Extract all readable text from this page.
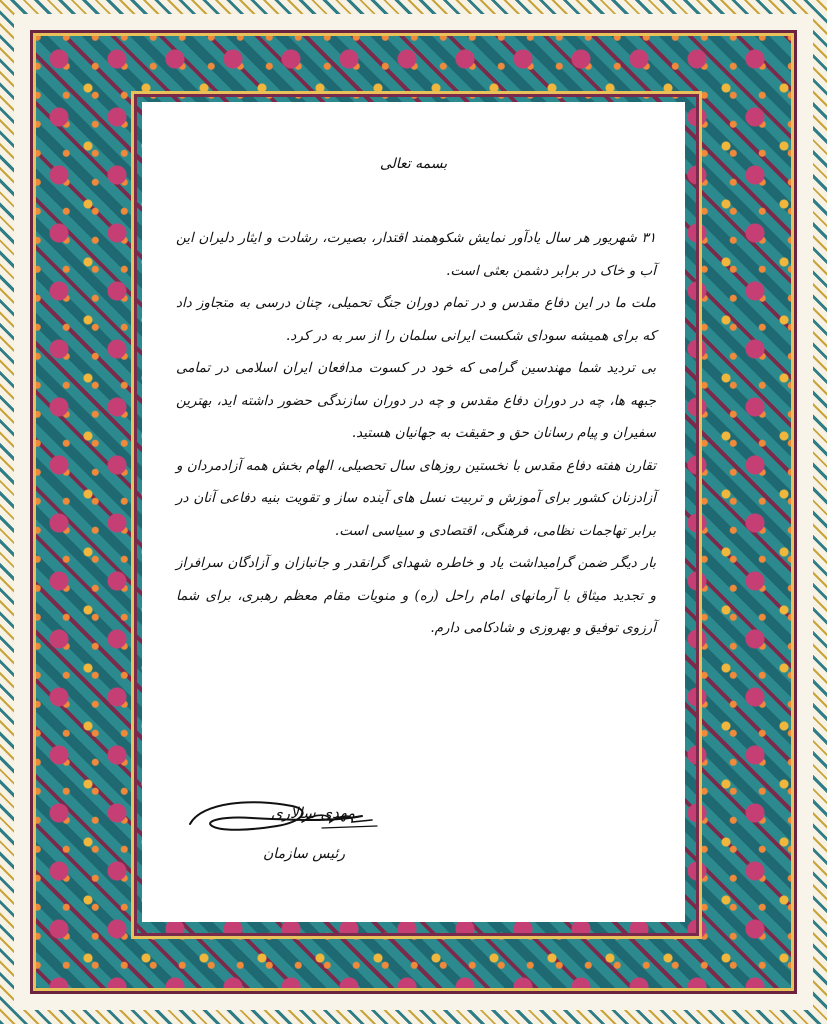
بسمه تعالی

۳۱ شهریور هر سال یادآور نمایش شکوهمند اقتدار، بصیرت، رشادت و ایثار دلیران این آب و خاک در برابر دشمن بعثی است.

ملت ما در این دفاع مقدس و در تمام دوران جنگ تحمیلی، چنان درسی به متجاوز داد که برای همیشه سودای شکست ایرانی سلمان را از سر به در کرد.

بی تردید شما مهندسین گرامی که خود در کسوت مدافعان ایران اسلامی در تمامی جبهه ها، چه در دوران دفاع مقدس و چه در دوران سازندگی حضور داشته اید، بهترین سفیران و پیام رسانان حق و حقیقت به جهانیان هستید.

تقارن هفته دفاع مقدس با نخستین روزهای سال تحصیلی، الهام بخش همه آزادمردان و آزادزنان کشور برای آموزش و تربیت نسل های آینده ساز و تقویت بنیه دفاعی آنان در برابر تهاجمات نظامی، فرهنگی، اقتصادی و سیاسی است.

بار دیگر ضمن گرامیداشت یاد و خاطره شهدای گرانقدر و جانبازان و آزادگان سرافراز و تجدید میثاق با آرمانهای امام راحل (ره) و منویات مقام معظم رهبری، برای شما آرزوی توفیق و بهروزی و شادکامی دارم.

مهدی سالاری
رئیس سازمان
